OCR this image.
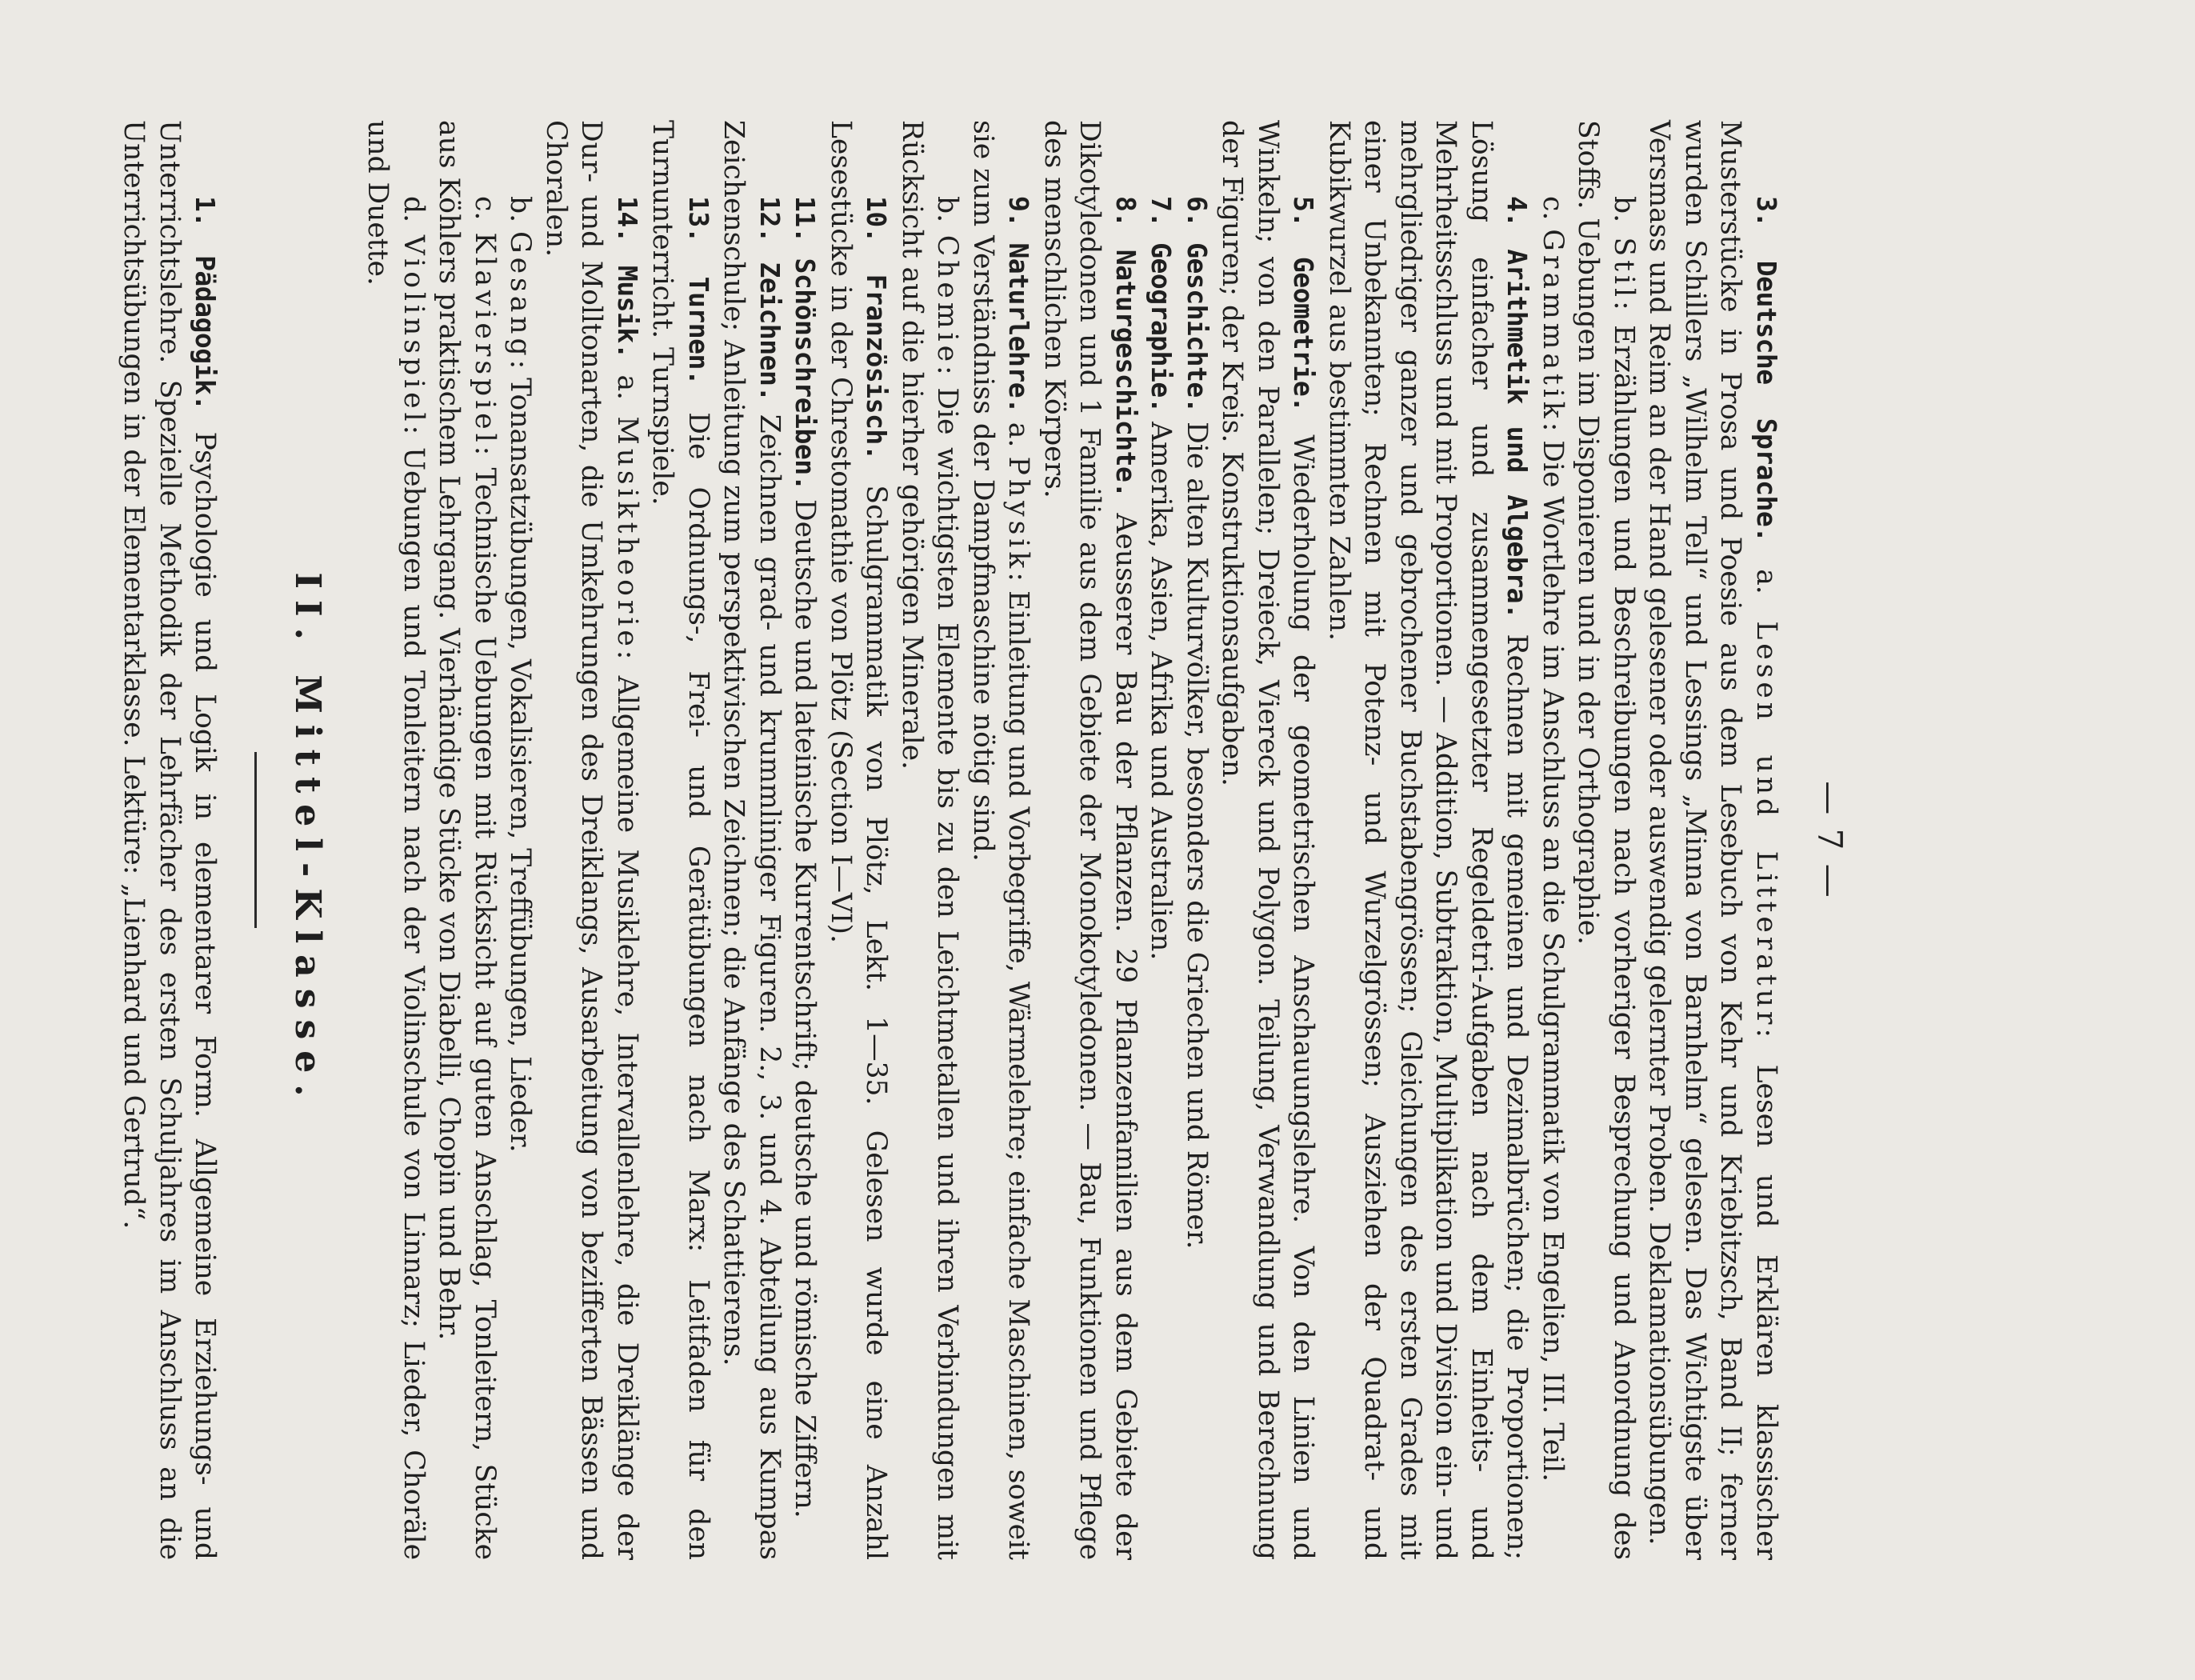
— 7 —

3. Deutsche Sprache. a. Lesen und Litteratur: Lesen und Erklären klassischer Musterstücke in Prosa und Poesie aus dem Lesebuch von Kehr und Kriebitzsch, Band II; ferner wurden Schillers „Wilhelm Tell“ und Lessings „Minna von Barnhelm“ gelesen. Das Wichtigste über Versmass und Reim an der Hand gelesener oder auswendig gelernter Proben. Deklamationsübungen.

b. Stil: Erzählungen und Beschreibungen nach vorheriger Besprechung und Anordnung des Stoffs. Uebungen im Disponieren und in der Orthographie.

c. Grammatik: Die Wortlehre im Anschluss an die Schulgrammatik von Engelien, III. Teil.

4. Arithmetik und Algebra. Rechnen mit gemeinen und Dezimalbrüchen; die Proportionen; Lösung einfacher und zusammengesetzter Regeldetri-Aufgaben nach dem Einheits- und Mehrheitsschluss und mit Proportionen. — Addition, Subtraktion, Multiplikation und Division ein- und mehrgliedriger ganzer und gebrochener Buchstabengrössen; Gleichungen des ersten Grades mit einer Unbekannten; Rechnen mit Potenz- und Wurzelgrössen; Ausziehen der Quadrat- und Kubikwurzel aus bestimmten Zahlen.

5. Geometrie. Wiederholung der geometrischen Anschauungslehre. Von den Linien und Winkeln; von den Parallelen; Dreieck, Viereck und Polygon. Teilung, Verwandlung und Berechnung der Figuren; der Kreis. Konstruktionsaufgaben.

6. Geschichte. Die alten Kulturvölker, besonders die Griechen und Römer.

7. Geographie. Amerika, Asien, Afrika und Australien.

8. Naturgeschichte. Aeusserer Bau der Pflanzen. 29 Pflanzenfamilien aus dem Gebiete der Dikotyledonen und 1 Familie aus dem Gebiete der Monokotyledonen. — Bau, Funktionen und Pflege des menschlichen Körpers.

9. Naturlehre. a. Physik: Einleitung und Vorbegriffe, Wärmelehre; einfache Maschinen, soweit sie zum Verständniss der Dampfmaschine nötig sind.

b. Chemie: Die wichtigsten Elemente bis zu den Leichtmetallen und ihren Verbindungen mit Rücksicht auf die hierher gehörigen Minerale.

10. Französisch. Schulgrammatik von Plötz, Lekt. 1—35. Gelesen wurde eine Anzahl Lesestücke in der Chrestomathie von Plötz (Section I—VI).

11. Schönschreiben. Deutsche und lateinische Kurrentschrift; deutsche und römische Ziffern.

12. Zeichnen. Zeichnen grad- und krummliniger Figuren. 2., 3. und 4. Abteilung aus Kumpas Zeichenschule; Anleitung zum perspektivischen Zeichnen; die Anfänge des Schattierens.

13. Turnen. Die Ordnungs-, Frei- und Gerätübungen nach Marx: Leitfaden für den Turnunterricht. Turnspiele.

14. Musik. a. Musiktheorie: Allgemeine Musiklehre, Intervallenlehre, die Dreiklänge der Dur- und Molltonarten, die Umkehrungen des Dreiklangs, Ausarbeitung von bezifferten Bässen und Choralen.

b. Gesang: Tonansatzübungen, Vokalisieren, Treffübungen, Lieder.

c. Klavierspiel: Technische Uebungen mit Rücksicht auf guten Anschlag, Tonleitern, Stücke aus Köhlers praktischem Lehrgang. Vierhändige Stücke von Diabelli, Chopin und Behr.

d. Violinspiel: Uebungen und Tonleitern nach der Violinschule von Linnarz; Lieder, Choräle und Duette.

II. Mittel-Klasse.

1. Pädagogik. Psychologie und Logik in elementarer Form. Allgemeine Erziehungs- und Unterrichtslehre. Spezielle Methodik der Lehrfächer des ersten Schuljahres im Anschluss an die Unterrichtsübungen in der Elementarklasse. Lektüre: „Lienhard und Gertrud“.
